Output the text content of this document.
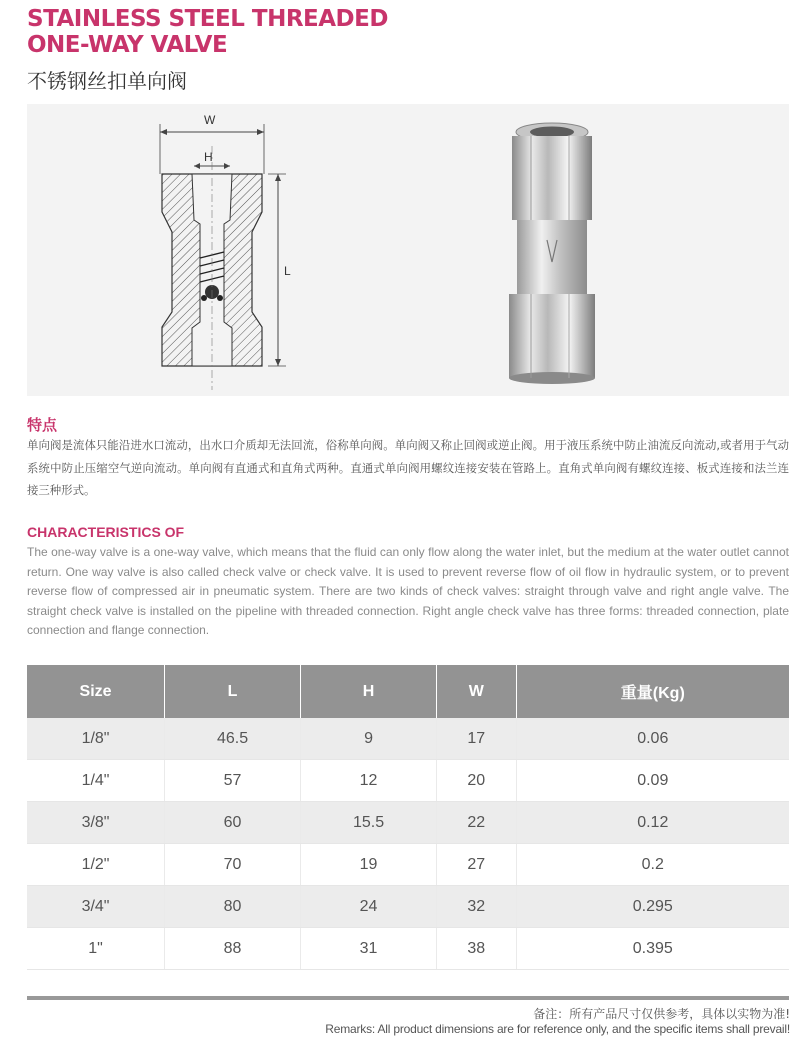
STAINLESS STEEL THREADED
ONE-WAY VALVE
不锈钢丝扣单向阀
W
H
L
特点

单向阀是流体只能沿进水口流动，出水口介质却无法回流，俗称单向阀。单向阀又称止回阀或逆止阀。用于液压系统中防止油流反向流动,或者用于气动系统中防止压缩空气逆向流动。单向阀有直通式和直角式两种。直通式单向阀用螺纹连接安装在管路上。直角式单向阀有螺纹连接、板式连接和法兰连接三种形式。

CHARACTERISTICS OF

The one-way valve is a one-way valve, which means that the fluid can only flow along the water inlet, but the medium at the water outlet cannot return. One way valve is also called check valve or check valve. It is used to prevent reverse flow of oil flow in hydraulic system, or to prevent reverse flow of compressed air in pneumatic system. There are two kinds of check valves: straight through valve and right angle valve. The straight check valve is installed on the pipeline with threaded connection. Right angle check valve has three forms: threaded connection, plate connection and flange connection.

Size	L	H	W	重量(Kg)
1/8"	46.5	9	17	0.06
1/4"	57	12	20	0.09
3/8"	60	15.5	22	0.12
1/2"	70	19	27	0.2
3/4"	80	24	32	0.295
1"	88	31	38	0.395
备注：所有产品尺寸仅供参考，具体以实物为准!
Remarks: All product dimensions are for reference only, and the specific items shall prevail!
